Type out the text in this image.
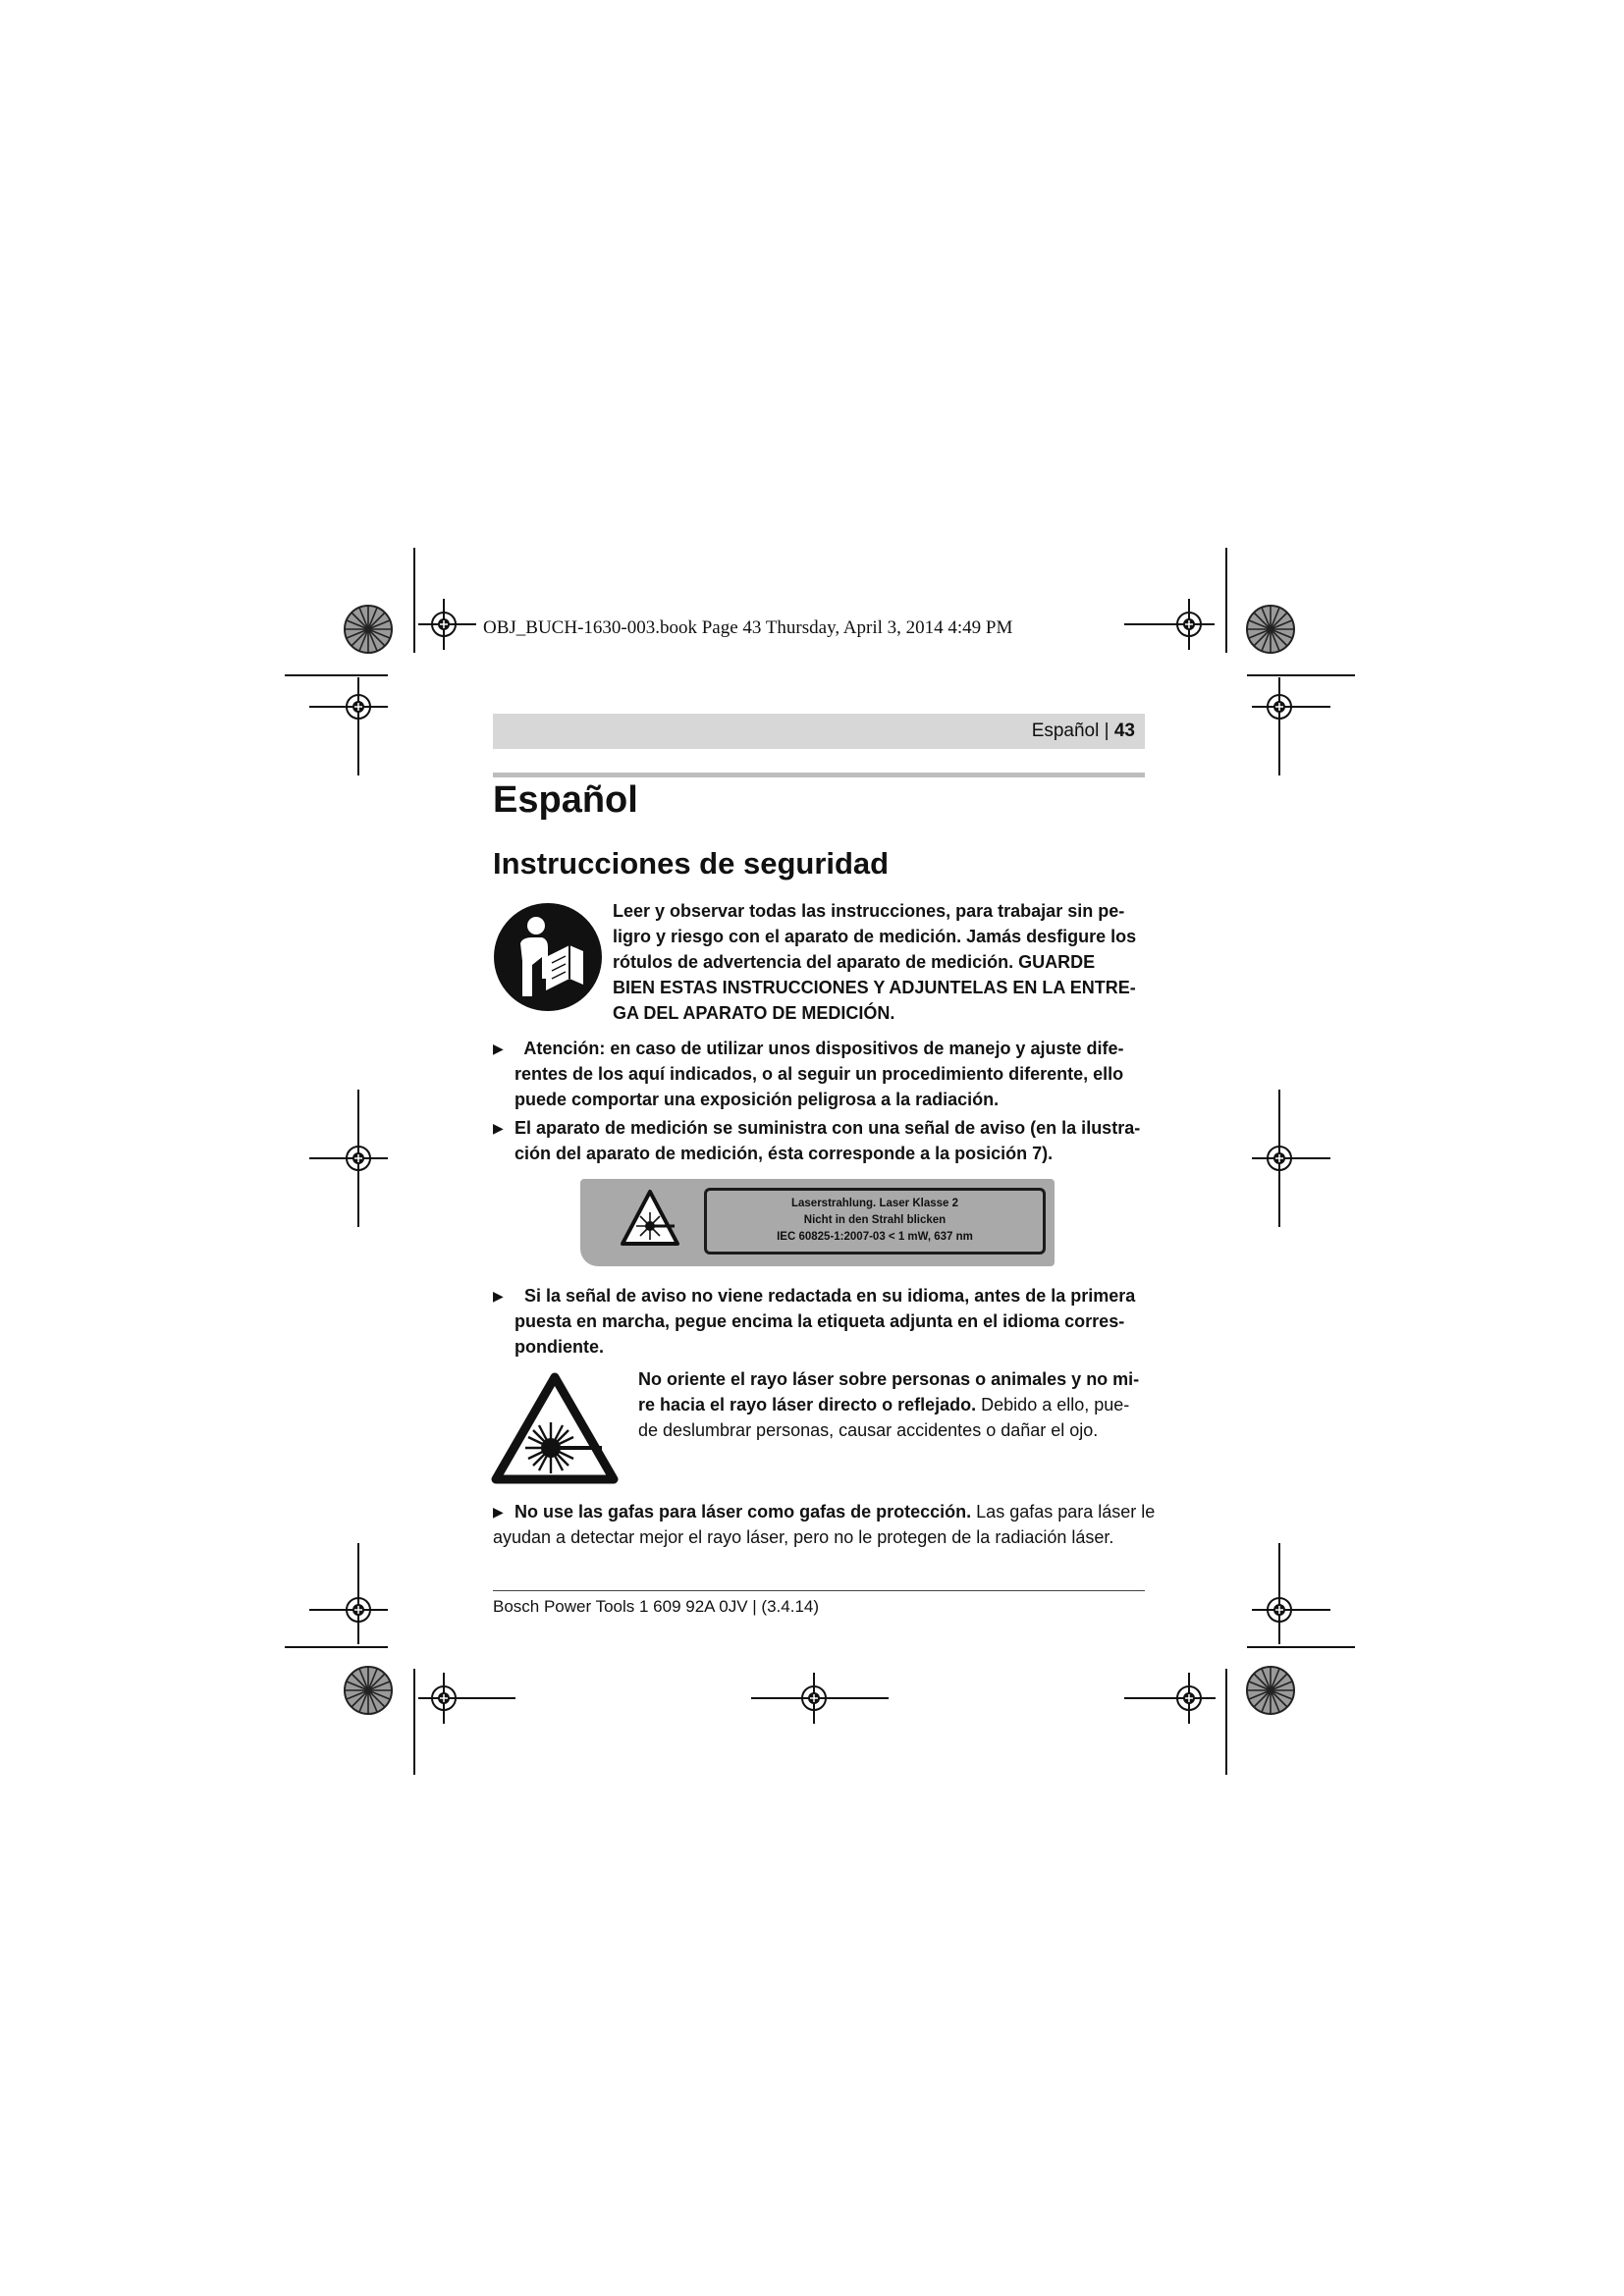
OBJ_BUCH-1630-003.book Page 43 Thursday, April 3, 2014 4:49 PM
Español | 43
Español
Instrucciones de seguridad

Leer y observar todas las instrucciones, para trabajar sin pe-

ligro y riesgo con el aparato de medición. Jamás desfigure los

rótulos de advertencia del aparato de medición. GUARDE

BIEN ESTAS INSTRUCCIONES Y ADJUNTELAS EN LA ENTRE-

GA DEL APARATO DE MEDICIÓN.

▶ Atención: en caso de utilizar unos dispositivos de manejo y ajuste dife-

rentes de los aquí indicados, o al seguir un procedimiento diferente, ello

puede comportar una exposición peligrosa a la radiación.

▶ El aparato de medición se suministra con una señal de aviso (en la ilustra-

ción del aparato de medición, ésta corresponde a la posición 7).

Laserstrahlung. Laser Klasse 2
Nicht in den Strahl blicken
IEC 60825-1:2007-03 < 1 mW, 637 nm

▶ Si la señal de aviso no viene redactada en su idioma, antes de la primera

puesta en marcha, pegue encima la etiqueta adjunta en el idioma corres-

pondiente.

No oriente el rayo láser sobre personas o animales y no mi-

re hacia el rayo láser directo o reflejado. Debido a ello, pue-

de deslumbrar personas, causar accidentes o dañar el ojo.

▶ No use las gafas para láser como gafas de protección. Las gafas para láser le

ayudan a detectar mejor el rayo láser, pero no le protegen de la radiación láser.

Bosch Power Tools 1 609 92A 0JV | (3.4.14)
